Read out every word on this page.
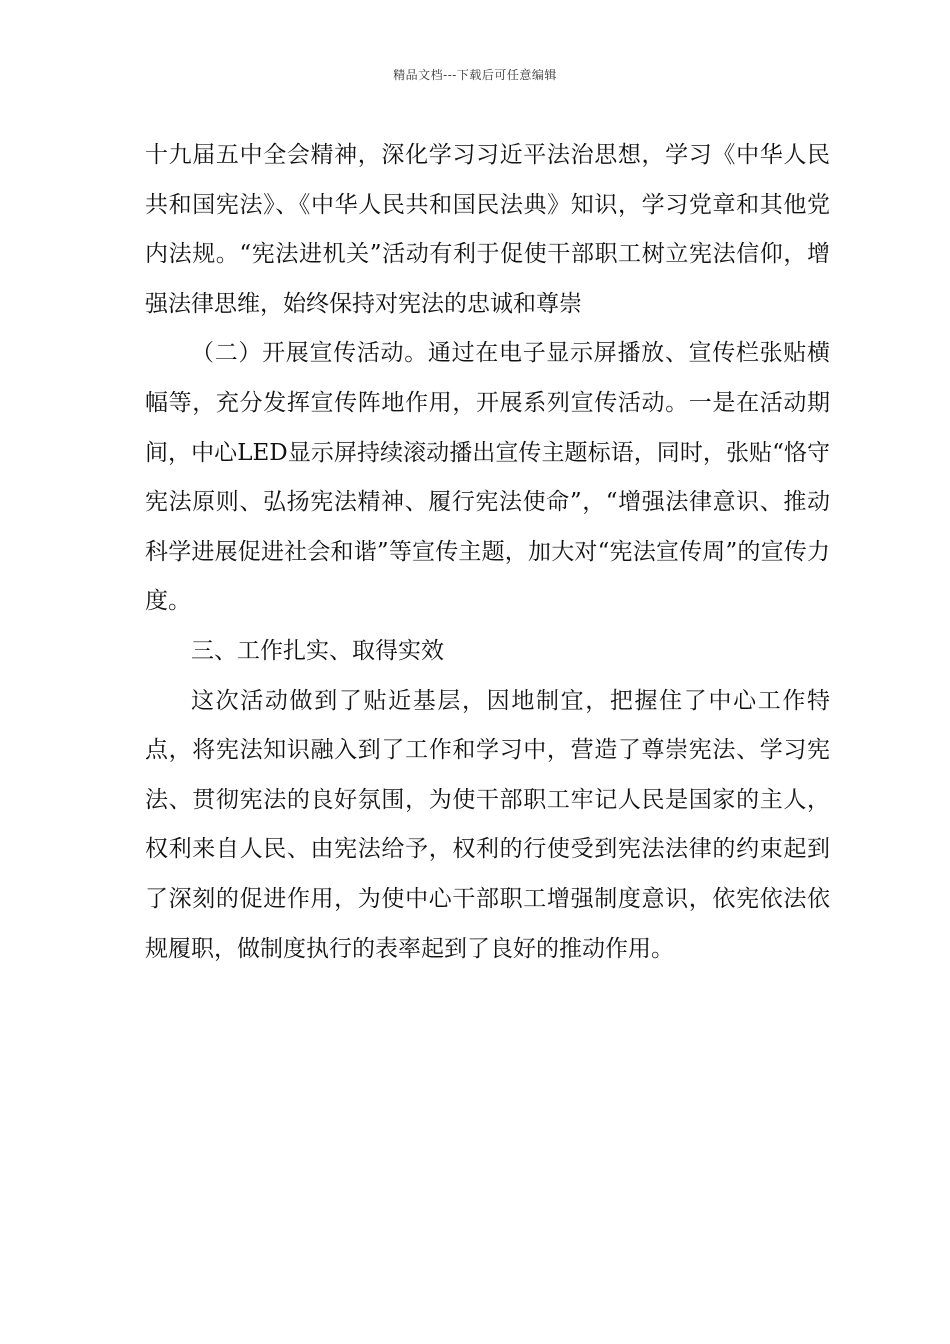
精品文档---下载后可任意编辑

十九届五中全会精神，深化学习习近平法治思想，学习《中华人民共和国宪法》、《中华人民共和国民法典》知识，学习党章和其他党内法规。“宪法进机关”活动有利于促使干部职工树立宪法信仰，增强法律思维，始终保持对宪法的忠诚和尊崇

（二）开展宣传活动。通过在电子显示屏播放、宣传栏张贴横幅等，充分发挥宣传阵地作用，开展系列宣传活动。一是在活动期间，中心LED显示屏持续滚动播出宣传主题标语，同时，张贴“恪守宪法原则、弘扬宪法精神、履行宪法使命”，“增强法律意识、推动科学进展促进社会和谐”等宣传主题，加大对“宪法宣传周”的宣传力度。

三、工作扎实、取得实效

这次活动做到了贴近基层，因地制宜，把握住了中心工作特点，将宪法知识融入到了工作和学习中，营造了尊崇宪法、学习宪法、贯彻宪法的良好氛围，为使干部职工牢记人民是国家的主人，权利来自人民、由宪法给予，权利的行使受到宪法法律的约束起到了深刻的促进作用，为使中心干部职工增强制度意识，依宪依法依规履职，做制度执行的表率起到了良好的推动作用。
